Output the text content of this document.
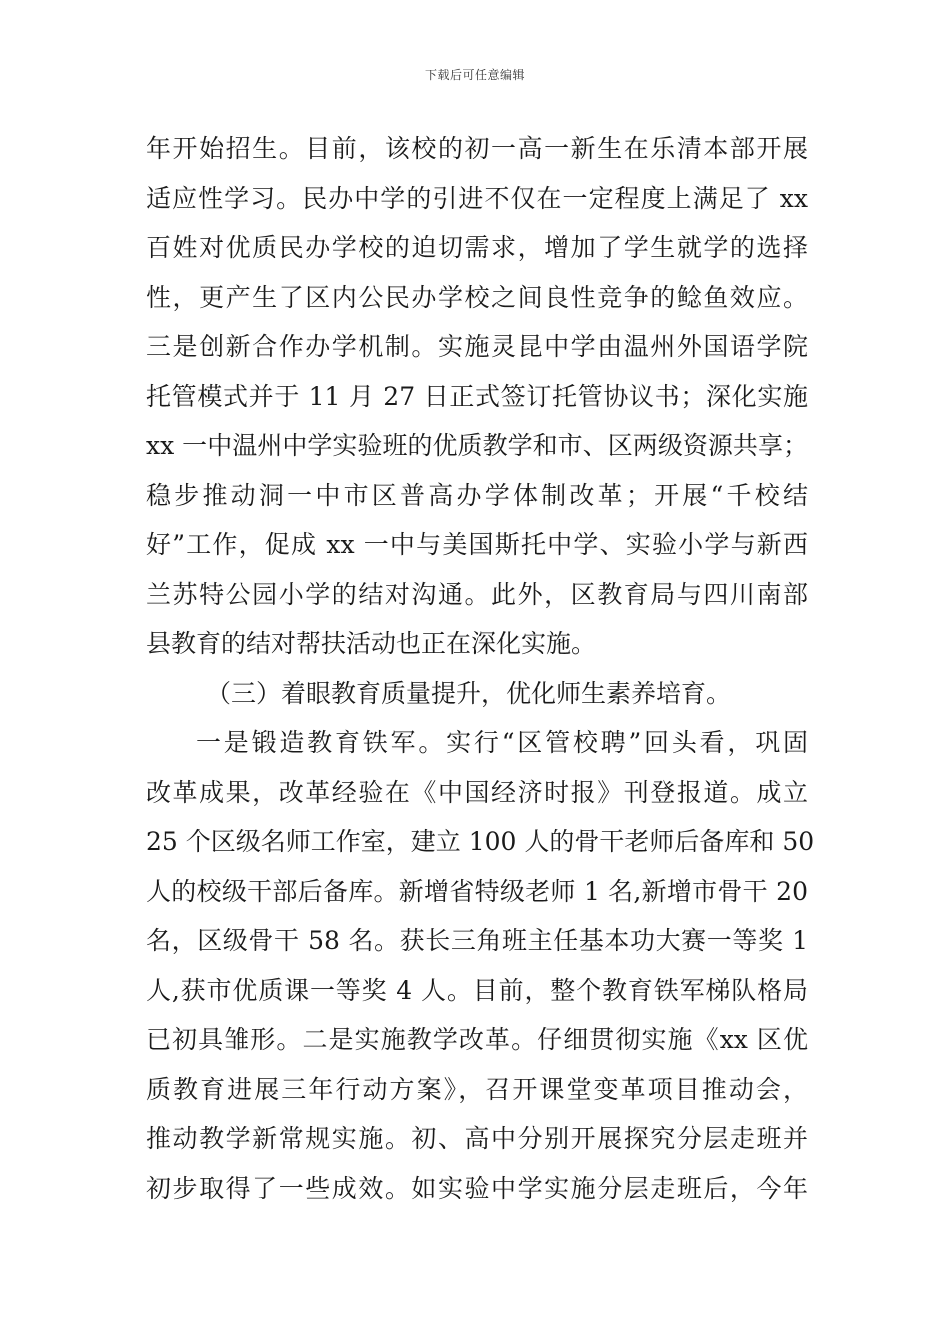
下载后可任意编辑
年开始招生。目前，该校的初一高一新生在乐清本部开展
适应性学习。民办中学的引进不仅在一定程度上满足了 xx
百姓对优质民办学校的迫切需求，增加了学生就学的选择
性，更产生了区内公民办学校之间良性竞争的鲶鱼效应。
三是创新合作办学机制。实施灵昆中学由温州外国语学院
托管模式并于 11 月 27 日正式签订托管协议书；深化实施
xx 一中温州中学实验班的优质教学和市、区两级资源共享；
稳步推动洞一中市区普高办学体制改革；开展“千校结
好”工作，促成 xx 一中与美国斯托中学、实验小学与新西
兰苏特公园小学的结对沟通。此外，区教育局与四川南部
县教育的结对帮扶活动也正在深化实施。
（三）着眼教育质量提升，优化师生素养培育。
一是锻造教育铁军。实行“区管校聘”回头看，巩固
改革成果，改革经验在《中国经济时报》刊登报道。成立
25 个区级名师工作室，建立 100 人的骨干老师后备库和 50
人的校级干部后备库。新增省特级老师 1 名,新增市骨干 20
名，区级骨干 58 名。获长三角班主任基本功大赛一等奖 1
人,获市优质课一等奖 4 人。目前，整个教育铁军梯队格局
已初具雏形。二是实施教学改革。仔细贯彻实施《xx 区优
质教育进展三年行动方案》，召开课堂变革项目推动会，
推动教学新常规实施。初、高中分别开展探究分层走班并
初步取得了一些成效。如实验中学实施分层走班后，今年
